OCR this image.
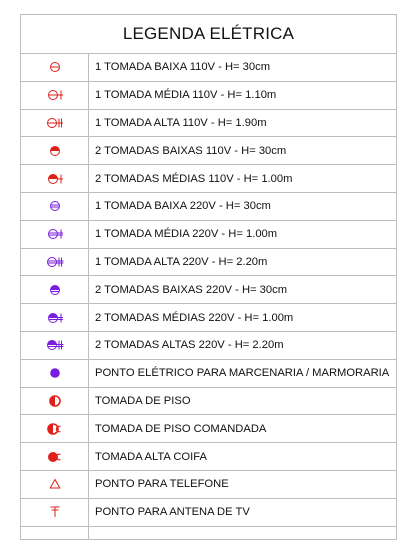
LEGENDA ELÉTRICA
1 TOMADA BAIXA 110V - H= 30cm
1 TOMADA MÉDIA 110V - H= 1.10m
1 TOMADA ALTA 110V - H= 1.90m
2 TOMADAS BAIXAS 110V - H= 30cm
2 TOMADAS MÉDIAS 110V - H= 1.00m
1 TOMADA BAIXA 220V - H= 30cm
1 TOMADA MÉDIA 220V - H= 1.00m
1 TOMADA ALTA 220V - H= 2.20m
2 TOMADAS BAIXAS 220V - H= 30cm
2 TOMADAS MÉDIAS 220V - H= 1.00m
2 TOMADAS ALTAS 220V - H= 2.20m
PONTO ELÉTRICO PARA MARCENARIA / MARMORARIA
TOMADA DE PISO
TOMADA DE PISO COMANDADA
TOMADA ALTA COIFA
PONTO PARA TELEFONE
PONTO PARA ANTENA DE TV
